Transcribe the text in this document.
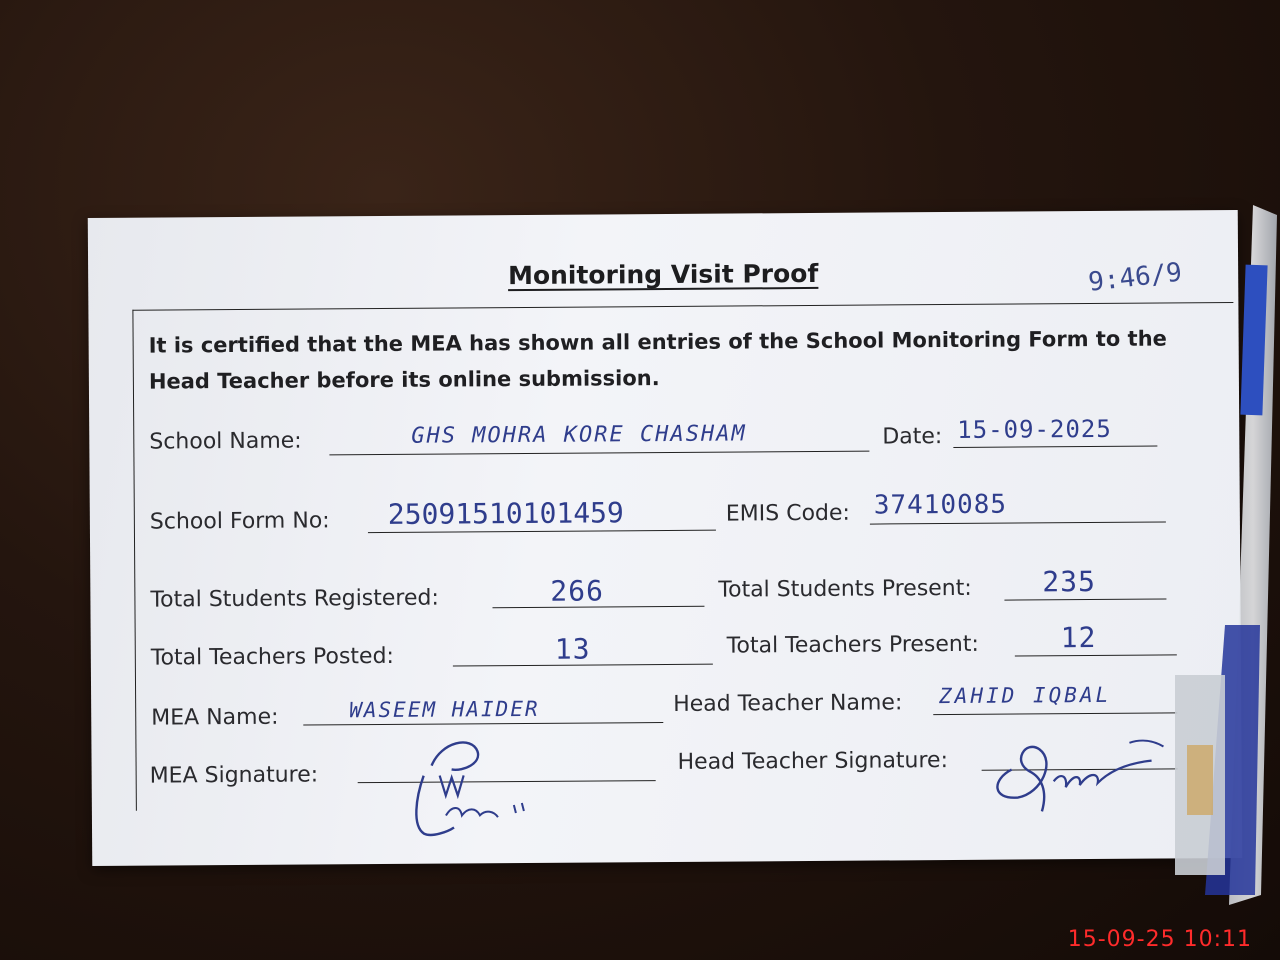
Monitoring Visit Proof	9:46/9
It is certified that the MEA has shown all entries of the School Monitoring Form to the Head Teacher before its online submission.
School Name:	GHS MOHRA KORE CHASHAM	Date: 15-09-2025
School Form No: 25091510101459	EMIS Code: 37410085
Total Students Registered:	266	Total Students Present:	235
Total Teachers Posted:	13	Total Teachers Present:	12
MEA Name:	WASEEM HAIDER	Head Teacher Name: ZAHID IQBAL
MEA Signature:
Head Teacher Signature:
15-09-25 10:11
